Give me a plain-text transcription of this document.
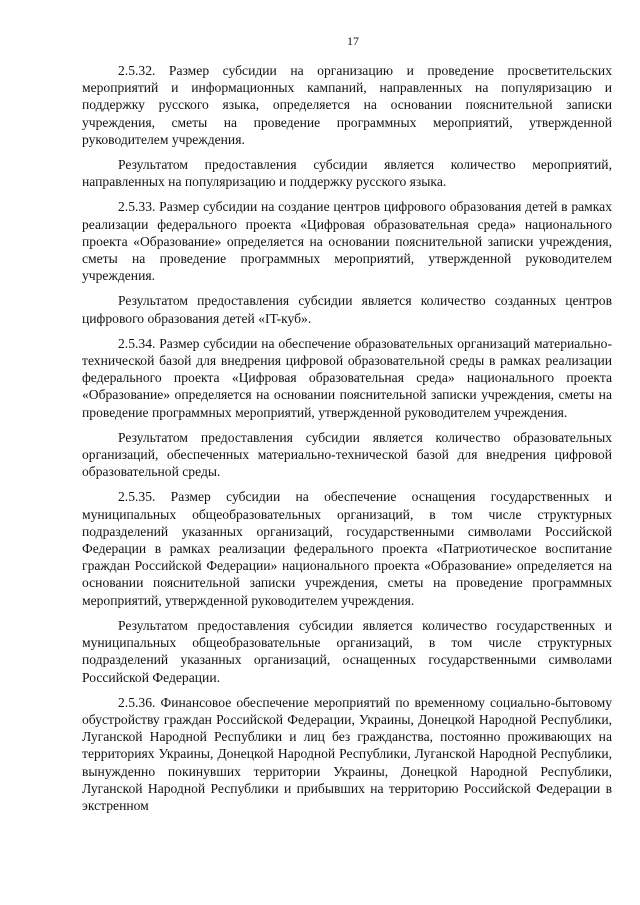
17

2.5.32. Размер субсидии на организацию и проведение просветительских мероприятий и информационных кампаний, направленных на популяризацию и поддержку русского языка, определяется на основании пояснительной записки учреждения, сметы на проведение программных мероприятий, утвержденной руководителем учреждения.

Результатом предоставления субсидии является количество мероприятий, направленных на популяризацию и поддержку русского языка.

2.5.33. Размер субсидии на создание центров цифрового образования детей в рамках реализации федерального проекта «Цифровая образовательная среда» национального проекта «Образование» определяется на основании пояснительной записки учреждения, сметы на проведение программных мероприятий, утвержденной руководителем учреждения.

Результатом предоставления субсидии является количество созданных центров цифрового образования детей «IT-куб».

2.5.34. Размер субсидии на обеспечение образовательных организаций материально-технической базой для внедрения цифровой образовательной среды в рамках реализации федерального проекта «Цифровая образовательная среда» национального проекта «Образование» определяется на основании пояснительной записки учреждения, сметы на проведение программных мероприятий, утвержденной руководителем учреждения.

Результатом предоставления субсидии является количество образовательных организаций, обеспеченных материально-технической базой для внедрения цифровой образовательной среды.

2.5.35. Размер субсидии на обеспечение оснащения государственных и муниципальных общеобразовательных организаций, в том числе структурных подразделений указанных организаций, государственными символами Российской Федерации в рамках реализации федерального проекта «Патриотическое воспитание граждан Российской Федерации» национального проекта «Образование» определяется на основании пояснительной записки учреждения, сметы на проведение программных мероприятий, утвержденной руководителем учреждения.

Результатом предоставления субсидии является количество государственных и муниципальных общеобразовательные организаций, в том числе структурных подразделений указанных организаций, оснащенных государственными символами Российской Федерации.

2.5.36. Финансовое обеспечение мероприятий по временному социально-бытовому обустройству граждан Российской Федерации, Украины, Донецкой Народной Республики, Луганской Народной Республики и лиц без гражданства, постоянно проживающих на территориях Украины, Донецкой Народной Республики, Луганской Народной Республики, вынужденно покинувших территории Украины, Донецкой Народной Республики, Луганской Народной Республики и прибывших на территорию Российской Федерации в экстренном
